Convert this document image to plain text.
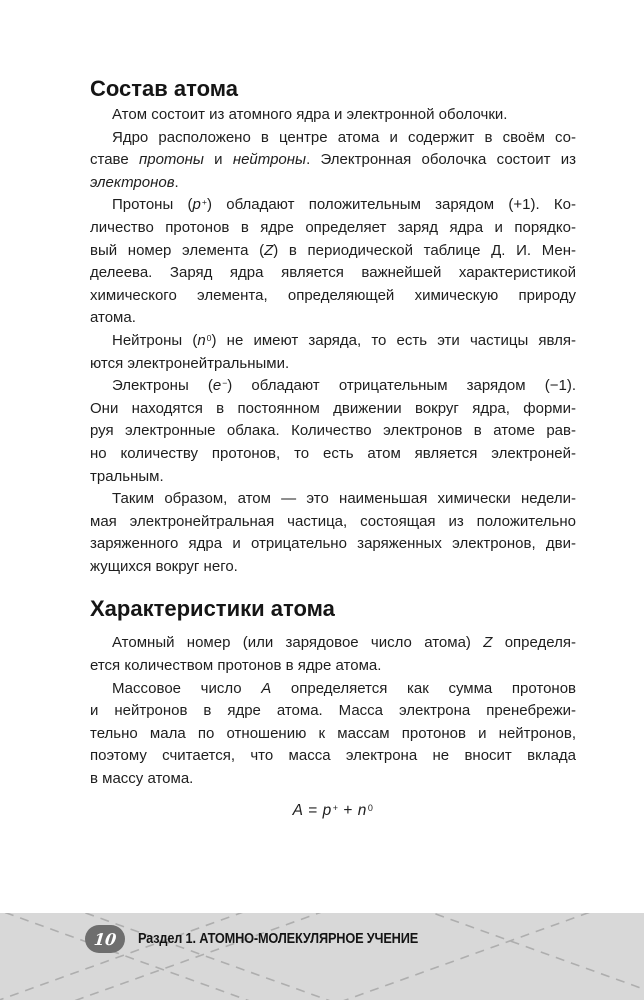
Состав атома
Атом состоит из атомного ядра и электронной оболочки.
Ядро расположено в центре атома и содержит в своём со-
ставе протоны и нейтроны. Электронная оболочка состоит из
электронов.
Протоны (p+) обладают положительным зарядом (+1). Ко-
личество протонов в ядре определяет заряд ядра и порядко-
вый номер элемента (Z) в периодической таблице Д. И. Мен-
делеева. Заряд ядра является важнейшей характеристикой
химического элемента, определяющей химическую природу
атома.
Нейтроны $(n^0)$ не имеют заряда, то есть эти частицы явля-
ются электронейтральными.
Электроны (e−) обладают отрицательным зарядом (−1).
Они находятся в постоянном движении вокруг ядра, форми-
руя электронные облака. Количество электронов в атоме рав-
но количеству протонов, то есть атом является электроней-
тральным.
Таким образом, атом — это наименьшая химически недели-
мая электронейтральная частица, состоящая из положительно
заряженного ядра и отрицательно заряженных электронов, дви-
жущихся вокруг него.
Характеристики атома
Атомный номер (или зарядовое число атома) Z определя-
ется количеством протонов в ядре атома.
Массовое число A определяется как сумма протонов
и нейтронов в ядре атома. Масса электрона пренебрежи-
тельно мала по отношению к массам протонов и нейтронов,
поэтому считается, что масса электрона не вносит вклада
в массу атома.
$A = p^+ + n^0$
10 Раздел 1. АТОМНО-МОЛЕКУЛЯРНОЕ УЧЕНИЕ
